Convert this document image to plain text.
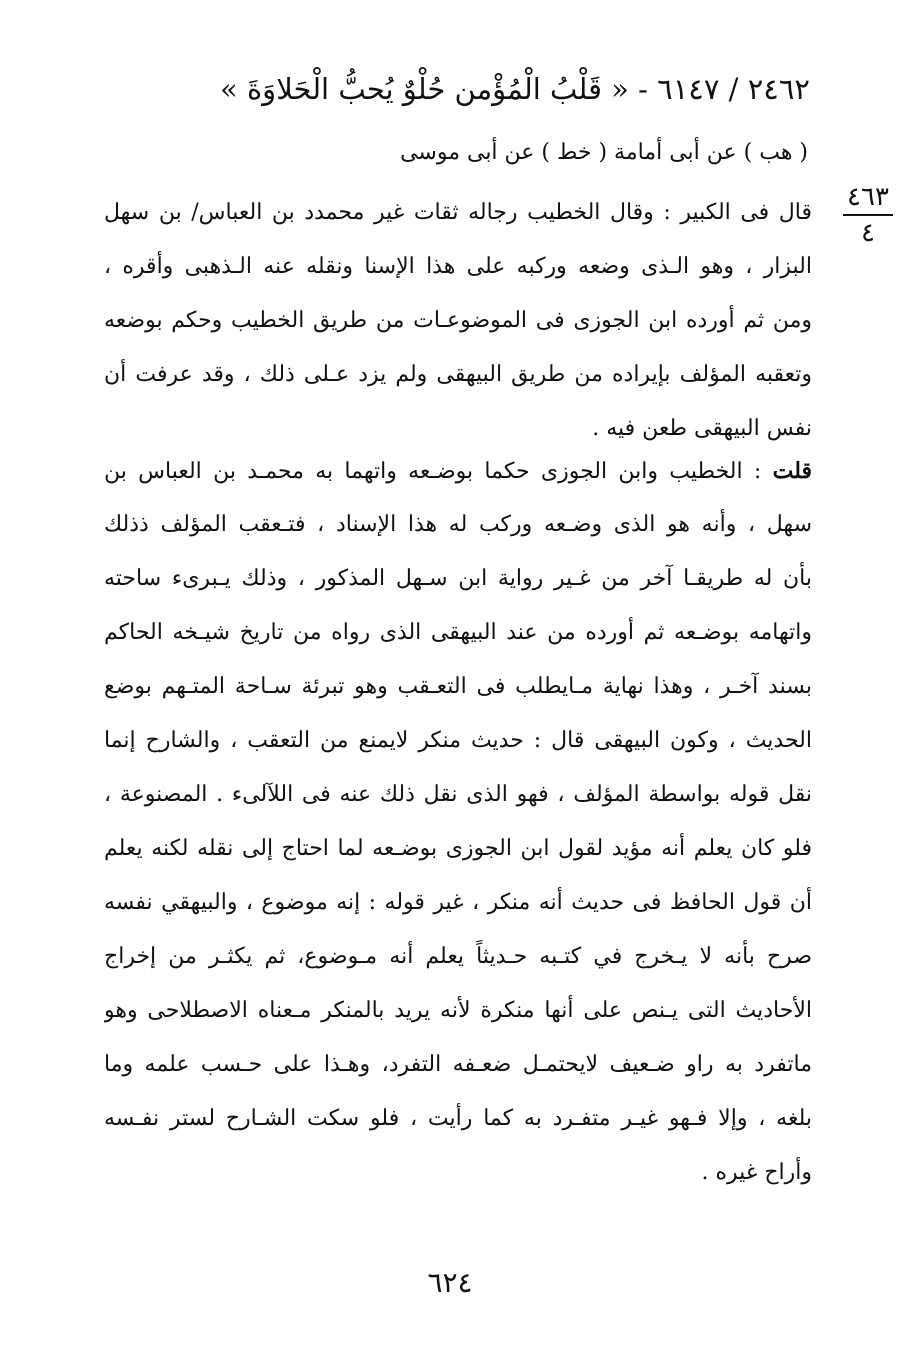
٢٤٦٢ / ٦١٤٧ - « قَلْبُ الْمُؤْمن حُلْوٌ يُحبُّ الْحَلاوَةَ »
( هب ) عن أبى أمامة ( خط ) عن أبى موسى
٤٦٣
٤
قال فى الكبير : وقال الخطيب رجاله ثقات غير محمدد بن العباس/ بن سهل
البزار ، وهو الـذى وضعه وركبه على هذا الإسنا ونقله عنه الـذهبى وأقره ،
ومن ثم أورده ابن الجوزى فى الموضوعـات من طريق الخطيب وحكم بوضعه
وتعقبه المؤلف بإيراده من طريق البيهقى ولم يزد عـلى ذلك ، وقد عرفت أن
نفس البيهقى طعن فيه .
قلت : الخطيب وابن الجوزى حكما بوضـعه واتهما به محمـد بن العباس بن
سهل ، وأنه هو الذى وضـعه وركب له هذا الإسناد ، فتـعقب المؤلف ذذلك
بأن له طريقـا آخر من غـير رواية ابن سـهل المذكور ، وذلك يـبرىء ساحته
واتهامه بوضـعه ثم أورده من عند البيهقى الذى رواه من تاريخ شيـخه الحاكم
بسند آخـر ، وهذا نهاية مـايطلب فى التعـقب وهو تبرئة سـاحة المتـهم بوضع
الحديث ، وكون البيهقى قال : حديث منكر لايمنع من التعقب ، والشارح إنما
نقل قوله بواسطة المؤلف ، فهو الذى نقل ذلك عنه فى اللآلىء . المصنوعة ،
فلو كان يعلم أنه مؤيد لقول ابن الجوزى بوضـعه لما احتاج إلى نقله لكنه يعلم
أن قول الحافظ فى حديث أنه منكر ، غير قوله : إنه موضوع ، والبيهقي نفسه
صرح بأنه لا يـخرج في كتـبه حـديثاً يعلم أنه مـوضوع، ثم يكثـر من إخراج
الأحاديث التى يـنص على أنها منكرة لأنه يريد بالمنكر مـعناه الاصطلاحى وهو
ماتفرد به راو ضـعيف لايحتمـل ضعـفه التفرد، وهـذا على حـسب علمه وما
بلغه ، وإلا فـهو غيـر متفـرد به كما رأيت ، فلو سكت الشـارح لستر نفـسه
وأراح غيره .
٦٢٤
